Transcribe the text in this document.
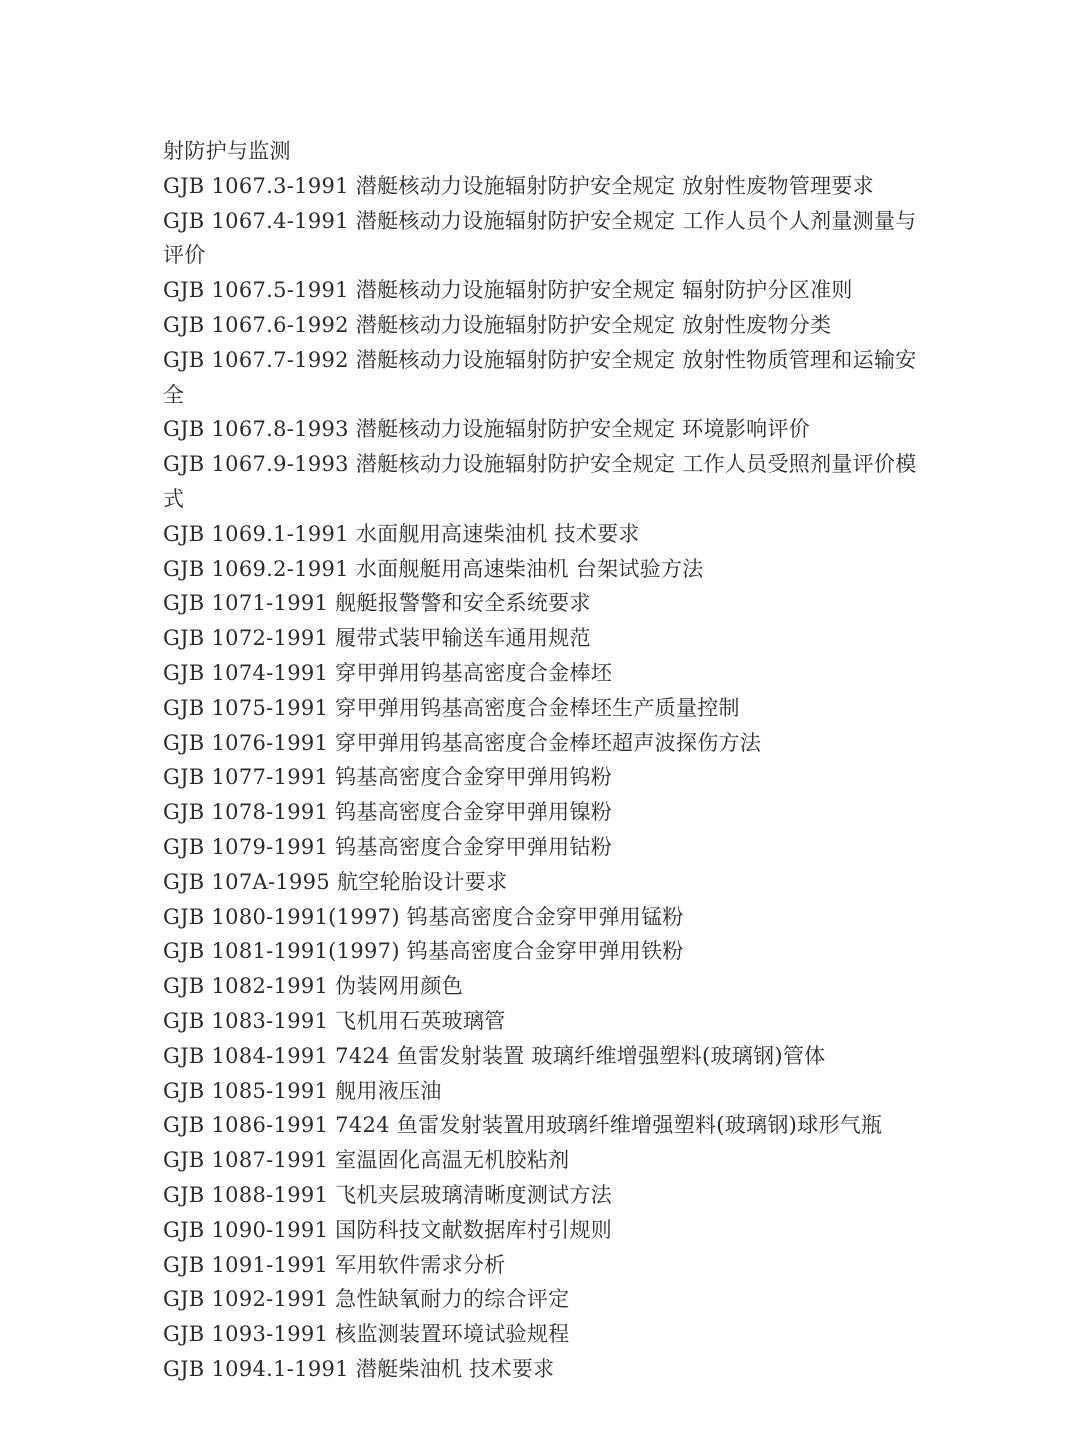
射防护与监测
GJB 1067.3-1991 潜艇核动力设施辐射防护安全规定 放射性废物管理要求
GJB 1067.4-1991 潜艇核动力设施辐射防护安全规定 工作人员个人剂量测量与
评价
GJB 1067.5-1991 潜艇核动力设施辐射防护安全规定 辐射防护分区准则
GJB 1067.6-1992 潜艇核动力设施辐射防护安全规定 放射性废物分类
GJB 1067.7-1992 潜艇核动力设施辐射防护安全规定 放射性物质管理和运输安
全
GJB 1067.8-1993 潜艇核动力设施辐射防护安全规定 环境影响评价
GJB 1067.9-1993 潜艇核动力设施辐射防护安全规定 工作人员受照剂量评价模
式
GJB 1069.1-1991 水面舰用高速柴油机 技术要求
GJB 1069.2-1991 水面舰艇用高速柴油机 台架试验方法
GJB 1071-1991 舰艇报警警和安全系统要求
GJB 1072-1991 履带式装甲输送车通用规范
GJB 1074-1991 穿甲弹用钨基高密度合金棒坯
GJB 1075-1991 穿甲弹用钨基高密度合金棒坯生产质量控制
GJB 1076-1991 穿甲弹用钨基高密度合金棒坯超声波探伤方法
GJB 1077-1991 钨基高密度合金穿甲弹用钨粉
GJB 1078-1991 钨基高密度合金穿甲弹用镍粉
GJB 1079-1991 钨基高密度合金穿甲弹用钴粉
GJB 107A-1995 航空轮胎设计要求
GJB 1080-1991(1997) 钨基高密度合金穿甲弹用锰粉
GJB 1081-1991(1997) 钨基高密度合金穿甲弹用铁粉
GJB 1082-1991 伪装网用颜色
GJB 1083-1991 飞机用石英玻璃管
GJB 1084-1991 7424 鱼雷发射装置 玻璃纤维增强塑料(玻璃钢)管体
GJB 1085-1991 舰用液压油
GJB 1086-1991 7424 鱼雷发射装置用玻璃纤维增强塑料(玻璃钢)球形气瓶
GJB 1087-1991 室温固化高温无机胶粘剂
GJB 1088-1991 飞机夹层玻璃清晰度测试方法
GJB 1090-1991 国防科技文献数据库村引规则
GJB 1091-1991 军用软件需求分析
GJB 1092-1991 急性缺氧耐力的综合评定
GJB 1093-1991 核监测装置环境试验规程
GJB 1094.1-1991 潜艇柴油机 技术要求
